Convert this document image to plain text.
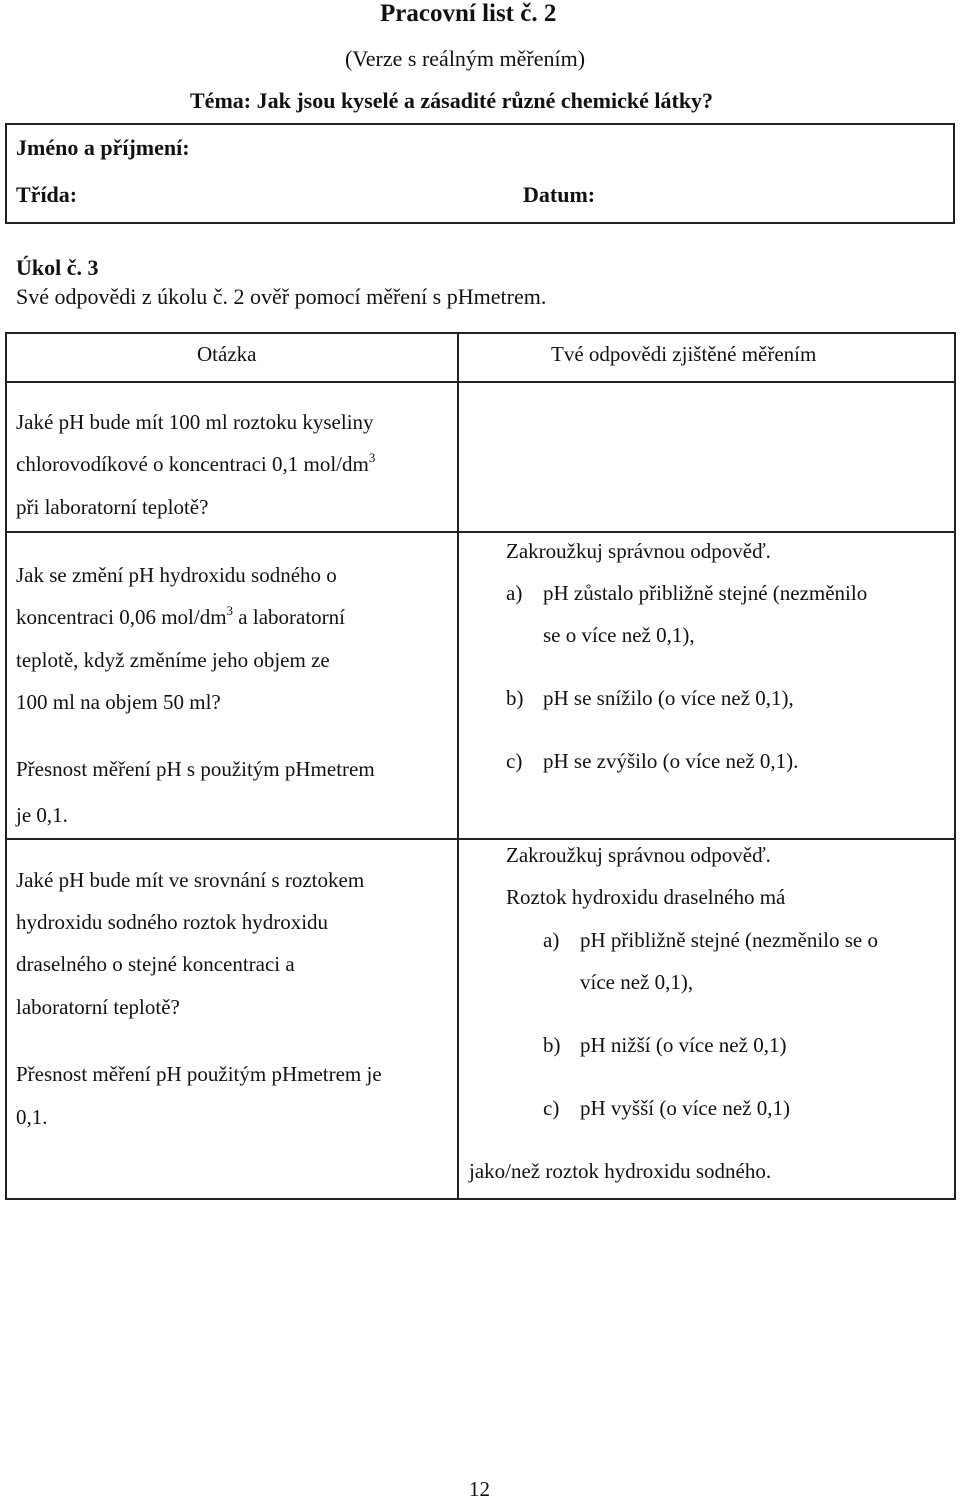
Pracovní list č. 2
(Verze s reálným měřením)
Téma: Jak jsou kyselé a zásadité různé chemické látky?
Jméno a příjmení:
Třída:	Datum:
Úkol č. 3
Své odpovědi z úkolu č. 2 ověř pomocí měření s pHmetrem.
Otázka	Tvé odpovědi zjištěné měřením
Jaké pH bude mít 100 ml roztoku kyseliny
chlorovodíkové o koncentraci 0,1 mol/$dm^3$
při laboratorní teplotě?
Jak se změní pH hydroxidu sodného o
koncentraci 0,06 mol/$dm^3$ a laboratorní
teplotě, když změníme jeho objem ze
100 ml na objem 50 ml?
Přesnost měření pH s použitým pHmetrem
je 0,1.
Zakroužkuj správnou odpověď.
a) pH zůstalo přibližně stejné (nezměnilo
se o více než 0,1),
b) pH se snížilo (o více než 0,1),
c) pH se zvýšilo (o více než 0,1).
Jaké pH bude mít ve srovnání s roztokem
hydroxidu sodného roztok hydroxidu
draselného o stejné koncentraci a
laboratorní teplotě?
Přesnost měření pH použitým pHmetrem je
0,1.
Zakroužkuj správnou odpověď.
Roztok hydroxidu draselného má
a) pH přibližně stejné (nezměnilo se o
více než 0,1),
b) pH nižší (o více než 0,1)
c) pH vyšší (o více než 0,1)
jako/než roztok hydroxidu sodného.
12
